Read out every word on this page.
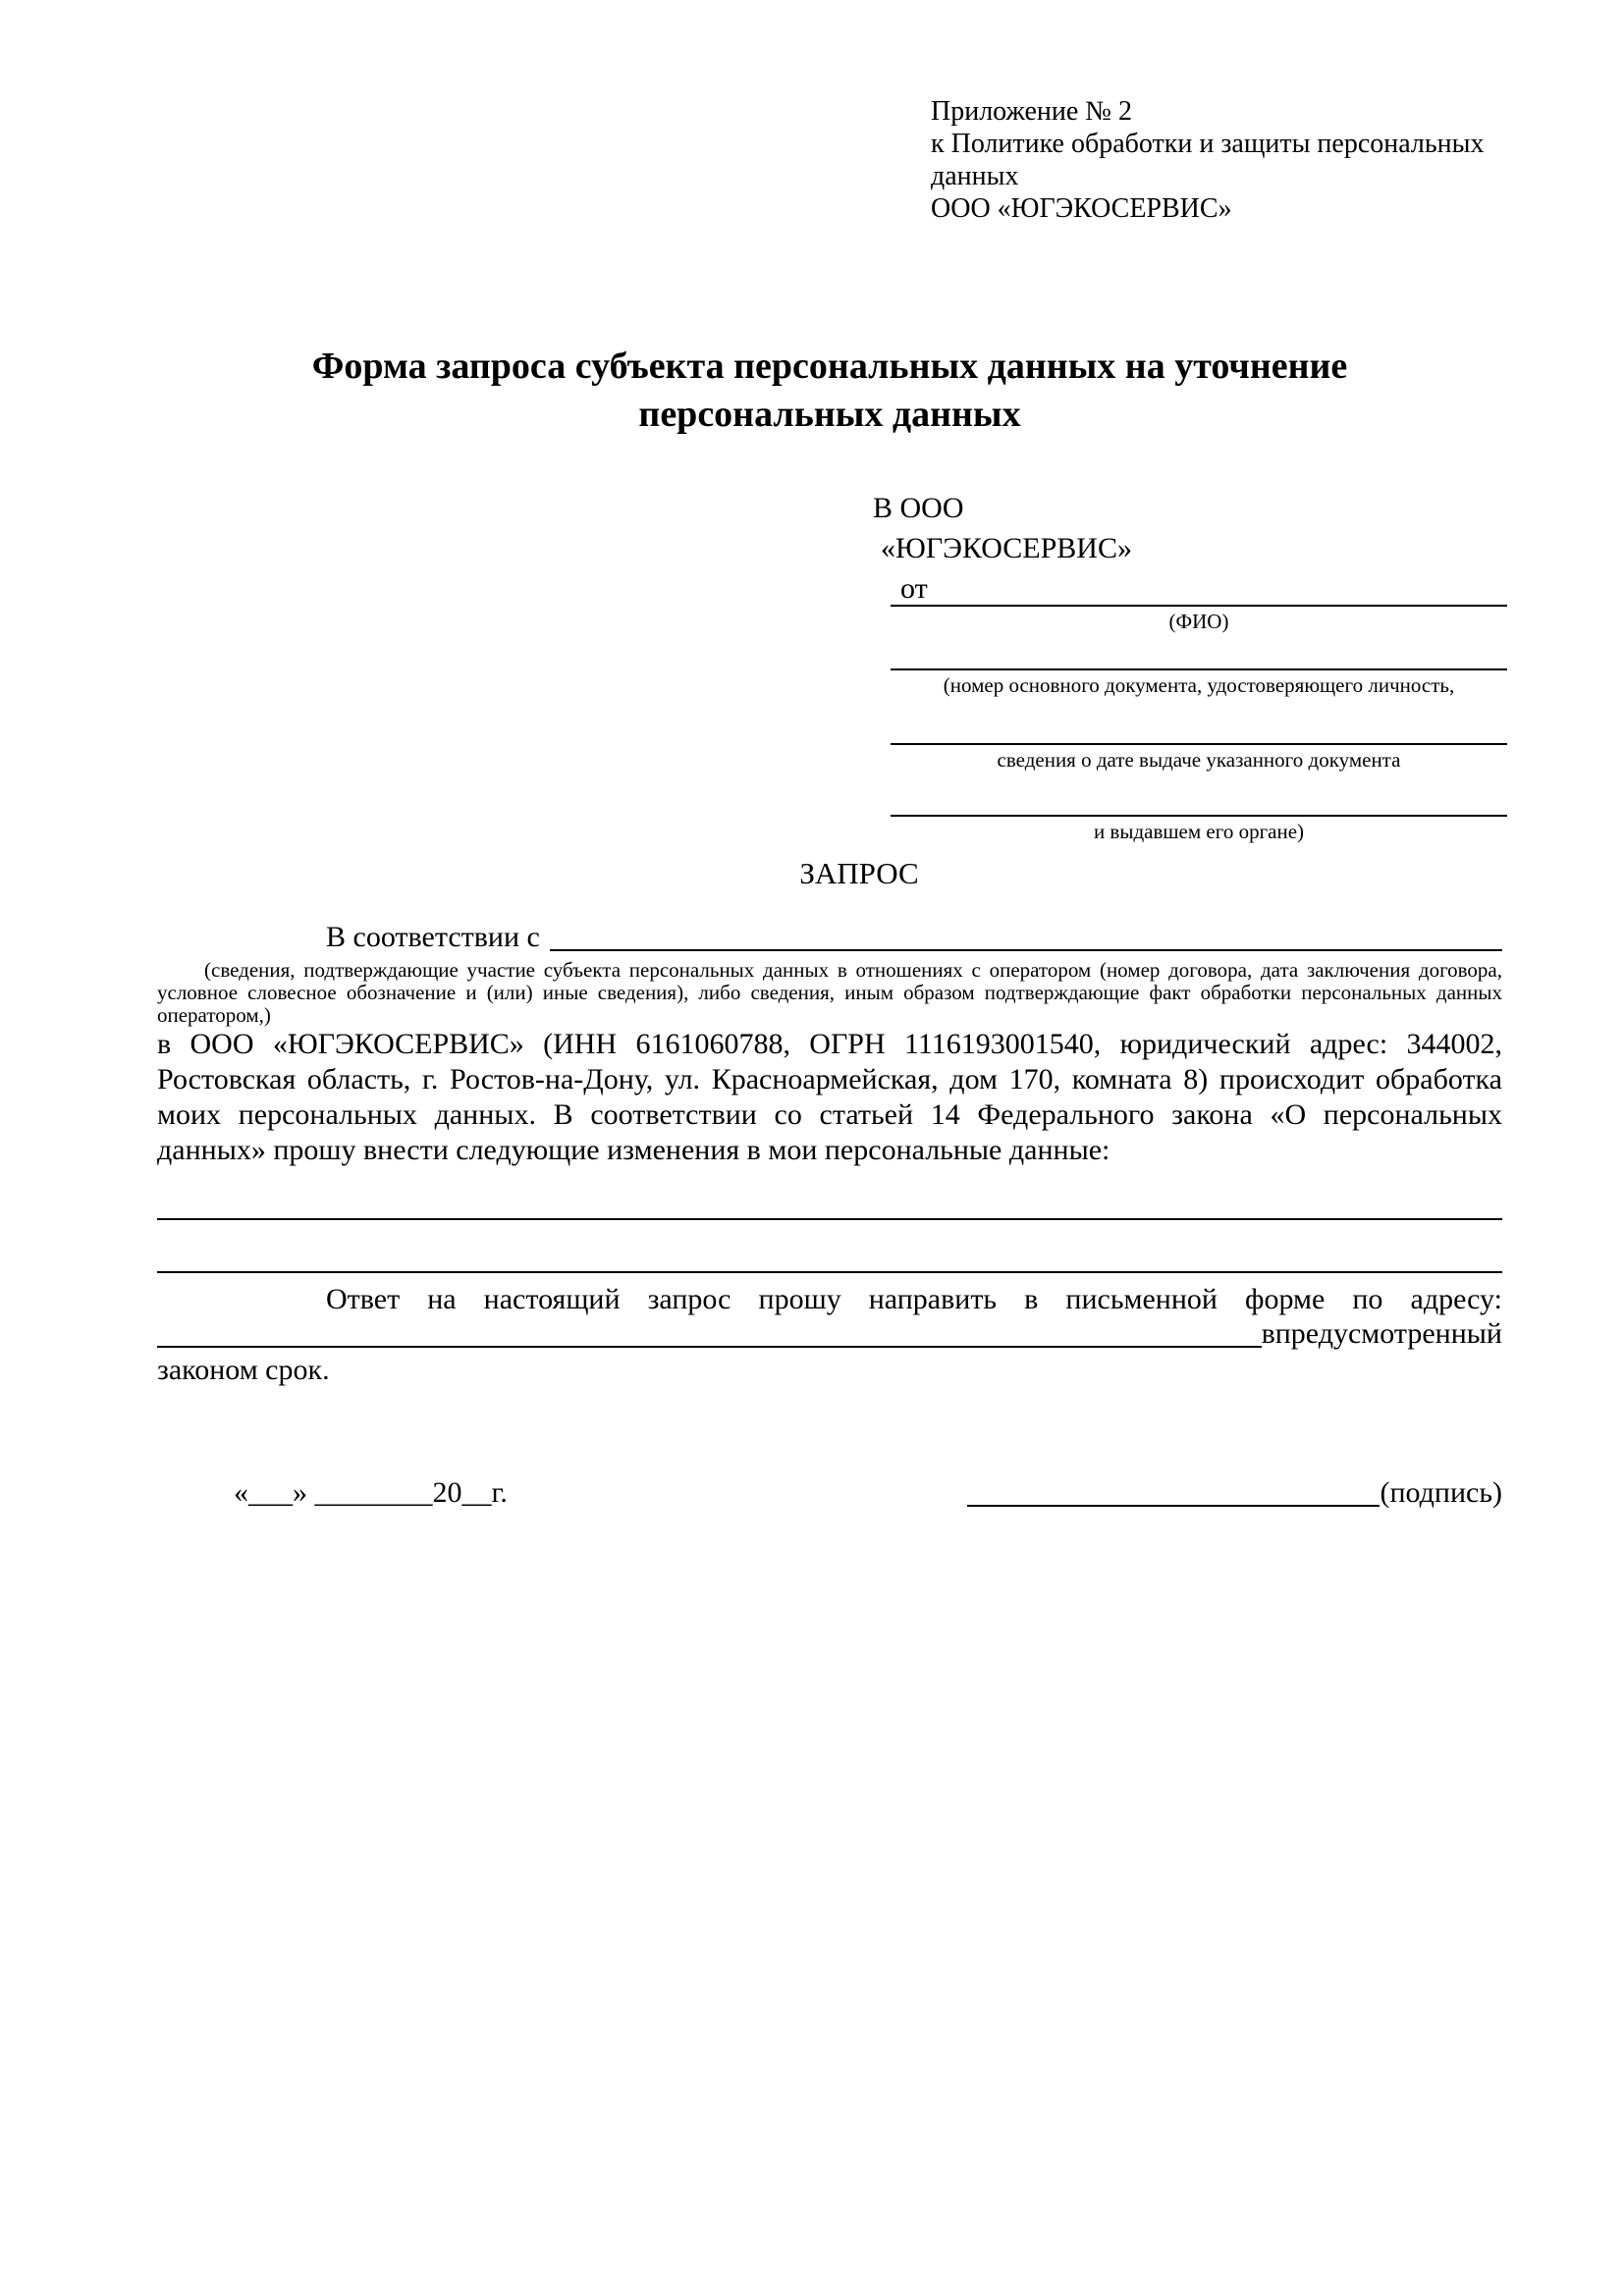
Приложение № 2
к Политике обработки и защиты персональных данных
ООО «ЮГЭКОСЕРВИС»
Форма запроса субъекта персональных данных на уточнение
персональных данных
В ООО
«ЮГЭКОСЕРВИС»
от
(ФИО)
(номер основного документа, удостоверяющего личность,
сведения о дате выдаче указанного документа
и выдавшем его органе)
ЗАПРОС
В соответствии с
(сведения, подтверждающие участие субъекта персональных данных в отношениях с оператором (номер договора, дата заключения договора, условное словесное обозначение и (или) иные сведения), либо сведения, иным образом подтверждающие факт обработки персональных данных оператором,)
в ООО «ЮГЭКОСЕРВИС» (ИНН 6161060788, ОГРН 1116193001540, юридический адрес: 344002, Ростовская область, г. Ростов-на-Дону, ул. Красноармейская, дом 170, комната 8) происходит обработка моих персональных данных. В соответствии со статьей 14 Федерального закона «О персональных данных» прошу внести следующие изменения в мои персональные данные:
Ответ на настоящий запрос прошу направить в письменной форме по адресу:
в предусмотренный
законом срок.
«___» ________20__г.	(подпись)
